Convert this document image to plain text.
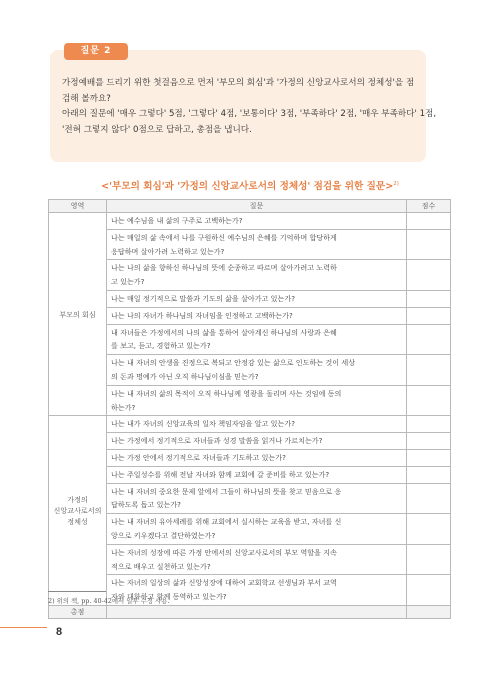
질문 2

가정예배를 드리기 위한 첫걸음으로 먼저 '부모의 회심'과 '가정의 신앙교사로서의 정체성'을 점

검해 볼까요?

아래의 질문에 '매우 그렇다' 5점, '그렇다' 4점, '보통이다' 3점, '부족하다' 2점, '매우 부족하다' 1점,

'전혀 그렇지 않다' 0점으로 답하고, 총점을 냅니다.

<'부모의 회심'과 '가정의 신앙교사로서의 정체성' 점검을 위한 질문>$^{2)}$
영역	질문	점수

부모의 회심	나는 예수님을 내 삶의 구주로 고백하는가?	

	나는 매일의 삶 속에서 나를 구원하신 예수님의 은혜를 기억하며 합당하게
응답하며 살아가려 노력하고 있는가?	

	나는 나의 삶을 향하신 하나님의 뜻에 순종하고 따르며 살아가려고 노력하
고 있는가?	

	나는 매일 정기적으로 말씀과 기도의 삶을 살아가고 있는가?	

	나는 나의 자녀가 하나님의 자녀임을 인정하고 고백하는가?	

	내 자녀들은 가정에서의 나의 삶을 통하여 살아계신 하나님의 사랑과 은혜
를 보고, 듣고, 경험하고 있는가?	

	나는 내 자녀의 안생을 진정으로 복되고 안정감 있는 삶으로 인도하는 것이 세상
의 돈과 명예가 아닌 오직 하나님이심을 믿는가?	

	나는 내 자녀의 삶의 목적이 오직 하나님께 영광을 돌리며 사는 것임에 동의
하는가?	

가정의
신앙교사로서의
정체성	나는 내가 자녀의 신앙교육의 일차 책임자임을 알고 있는가?	

	나는 가정에서 정기적으로 자녀들과 성경 말씀을 읽거나 가르치는가?	

	나는 가정 안에서 정기적으로 자녀들과 기도하고 있는가?	

	나는 주일성수를 위해 전날 자녀와 함께 교회에 갈 준비를 하고 있는가?	

	나는 내 자녀의 중요한 문제 앞에서 그들이 하나님의 뜻을 찾고 믿음으로 응
답하도록 돕고 있는가?	

	나는 내 자녀의 유아세례를 위해 교회에서 실시하는 교육을 받고, 자녀를 신
앙으로 키우겠다고 결단하였는가?	

	나는 자녀의 성장에 따른 가정 안에서의 신앙교사로서의 부모 역할을 지속
적으로 배우고 실천하고 있는가?	

	나는 자녀의 일상의 삶과 신앙성장에 대하여 교회학교 선생님과 부서 교역
자와 대화하고 함께 동역하고 있는가?	

총점		
2) 위의 책, pp. 40-42에서 일부 수정 사용.
8
